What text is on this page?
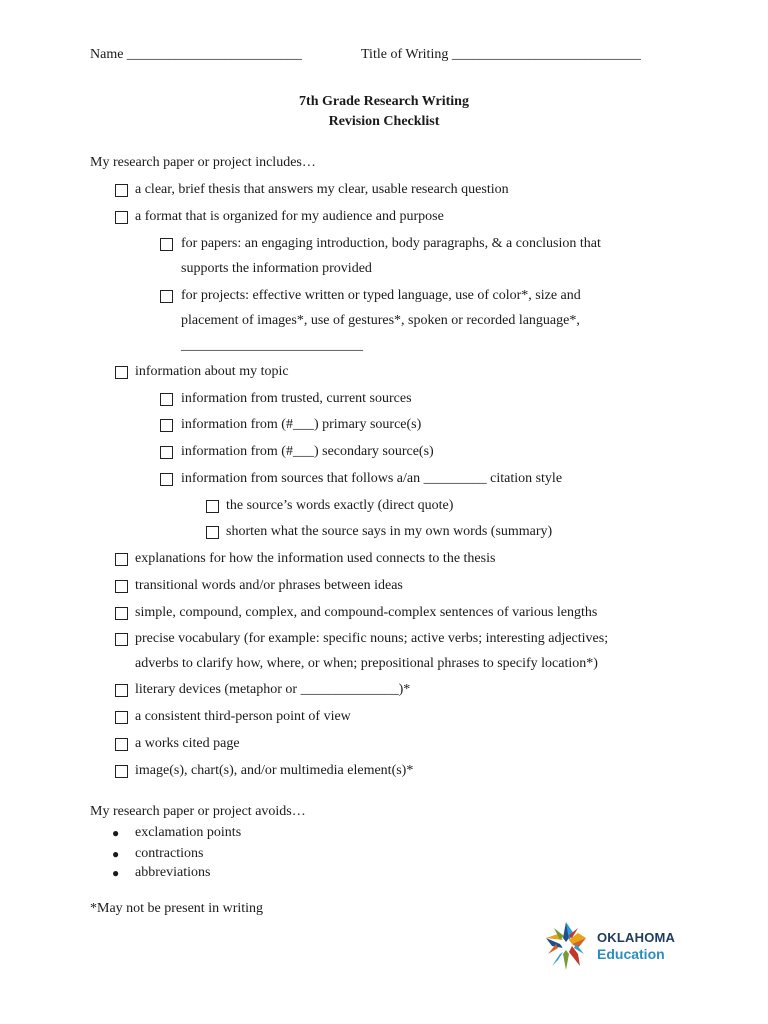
Name _________________________	Title of Writing ___________________________
7th Grade Research Writing
Revision Checklist
My research paper or project includes…
a clear, brief thesis that answers my clear, usable research question
a format that is organized for my audience and purpose
for papers: an engaging introduction, body paragraphs, & a conclusion that
supports the information provided
for projects: effective written or typed language, use of color*, size and
placement of images*, use of gestures*, spoken or recorded language*,
__________________________
information about my topic
information from trusted, current sources
information from (#___) primary source(s)
information from (#___) secondary source(s)
information from sources that follows a/an _________ citation style
the source’s words exactly (direct quote)
shorten what the source says in my own words (summary)
explanations for how the information used connects to the thesis
transitional words and/or phrases between ideas
simple, compound, complex, and compound-complex sentences of various lengths
precise vocabulary (for example: specific nouns; active verbs; interesting adjectives;
adverbs to clarify how, where, or when; prepositional phrases to specify location*)
literary devices (metaphor or ______________)*
a consistent third-person point of view
a works cited page
image(s), chart(s), and/or multimedia element(s)*
My research paper or project avoids…
● exclamation points
● contractions
● abbreviations
*May not be present in writing
OKLAHOMA
Education
